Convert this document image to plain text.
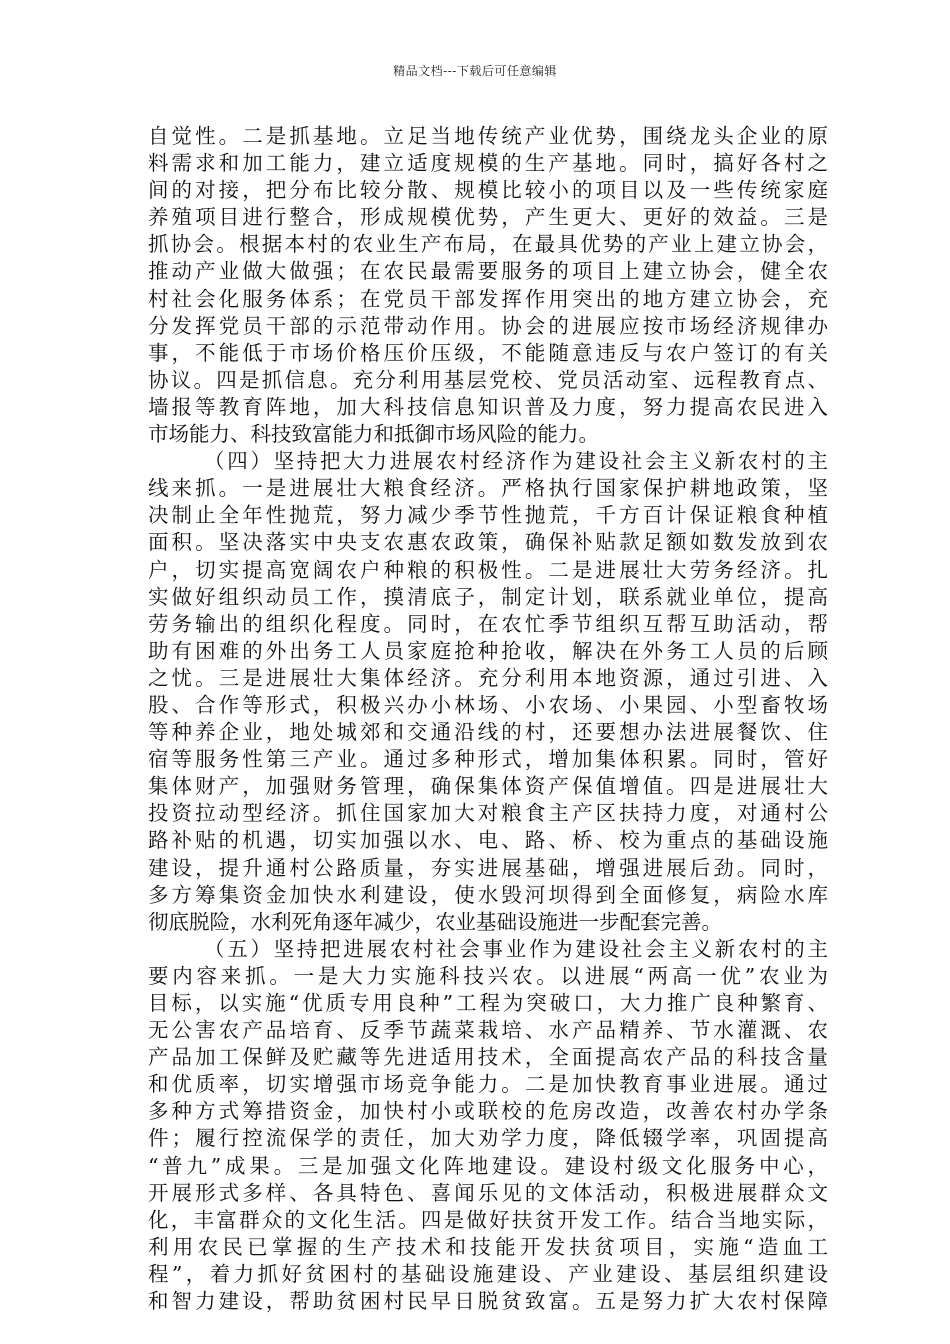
精品文档---下载后可任意编辑
自觉性。二是抓基地。立足当地传统产业优势，围绕龙头企业的原
料需求和加工能力，建立适度规模的生产基地。同时，搞好各村之
间的对接，把分布比较分散、规模比较小的项目以及一些传统家庭
养殖项目进行整合，形成规模优势，产生更大、更好的效益。三是
抓协会。根据本村的农业生产布局，在最具优势的产业上建立协会，
推动产业做大做强；在农民最需要服务的项目上建立协会，健全农
村社会化服务体系；在党员干部发挥作用突出的地方建立协会，充
分发挥党员干部的示范带动作用。协会的进展应按市场经济规律办
事，不能低于市场价格压价压级，不能随意违反与农户签订的有关
协议。四是抓信息。充分利用基层党校、党员活动室、远程教育点、
墙报等教育阵地，加大科技信息知识普及力度，努力提高农民进入
市场能力、科技致富能力和抵御市场风险的能力。
（四）坚持把大力进展农村经济作为建设社会主义新农村的主
线来抓。一是进展壮大粮食经济。严格执行国家保护耕地政策，坚
决制止全年性抛荒，努力减少季节性抛荒，千方百计保证粮食种植
面积。坚决落实中央支农惠农政策，确保补贴款足额如数发放到农
户，切实提高宽阔农户种粮的积极性。二是进展壮大劳务经济。扎
实做好组织动员工作，摸清底子，制定计划，联系就业单位，提高
劳务输出的组织化程度。同时，在农忙季节组织互帮互助活动，帮
助有困难的外出务工人员家庭抢种抢收，解决在外务工人员的后顾
之忧。三是进展壮大集体经济。充分利用本地资源，通过引进、入
股、合作等形式，积极兴办小林场、小农场、小果园、小型畜牧场
等种养企业，地处城郊和交通沿线的村，还要想办法进展餐饮、住
宿等服务性第三产业。通过多种形式，增加集体积累。同时，管好
集体财产，加强财务管理，确保集体资产保值增值。四是进展壮大
投资拉动型经济。抓住国家加大对粮食主产区扶持力度，对通村公
路补贴的机遇，切实加强以水、电、路、桥、校为重点的基础设施
建设，提升通村公路质量，夯实进展基础，增强进展后劲。同时，
多方筹集资金加快水利建设，使水毁河坝得到全面修复，病险水库
彻底脱险，水利死角逐年减少，农业基础设施进一步配套完善。
（五）坚持把进展农村社会事业作为建设社会主义新农村的主
要内容来抓。一是大力实施科技兴农。以进展“两高一优”农业为
目标，以实施“优质专用良种”工程为突破口，大力推广良种繁育、
无公害农产品培育、反季节蔬菜栽培、水产品精养、节水灌溉、农
产品加工保鲜及贮藏等先进适用技术，全面提高农产品的科技含量
和优质率，切实增强市场竞争能力。二是加快教育事业进展。通过
多种方式筹措资金，加快村小或联校的危房改造，改善农村办学条
件；履行控流保学的责任，加大劝学力度，降低辍学率，巩固提高
“普九”成果。三是加强文化阵地建设。建设村级文化服务中心，
开展形式多样、各具特色、喜闻乐见的文体活动，积极进展群众文
化，丰富群众的文化生活。四是做好扶贫开发工作。结合当地实际，
利用农民已掌握的生产技术和技能开发扶贫项目，实施“造血工
程”，着力抓好贫困村的基础设施建设、产业建设、基层组织建设
和智力建设，帮助贫困村民早日脱贫致富。五是努力扩大农村保障
